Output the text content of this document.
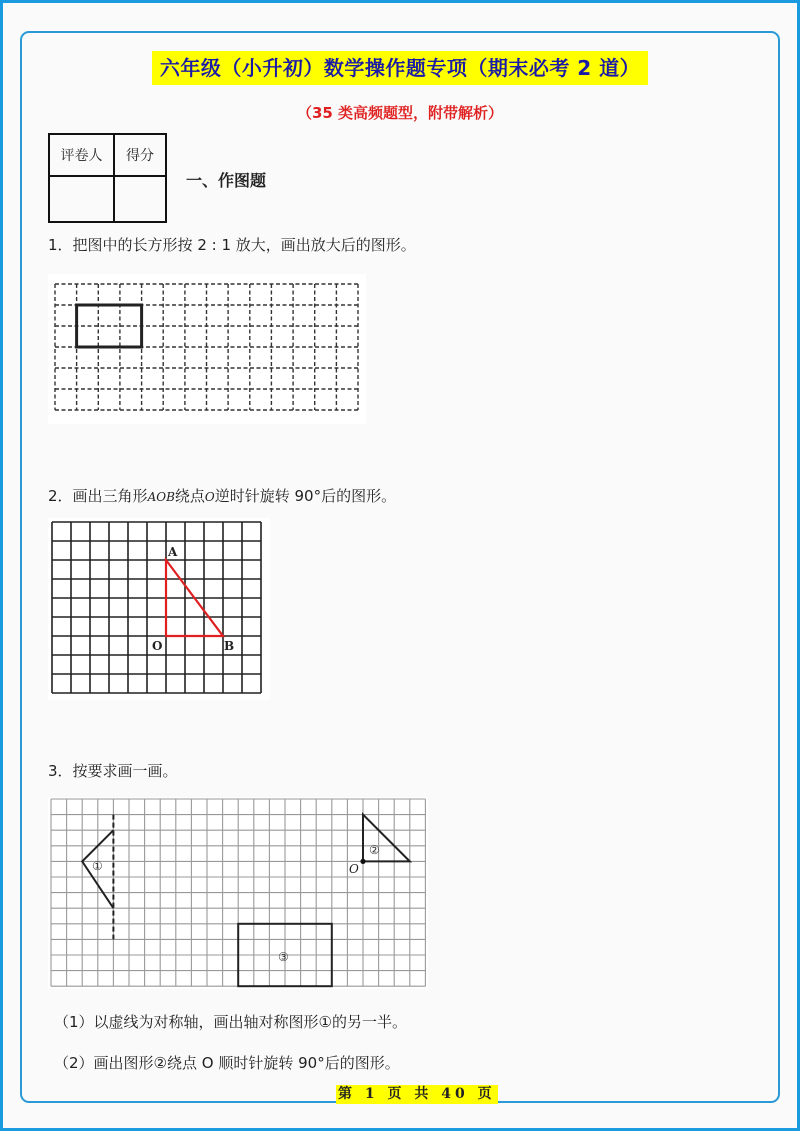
六年级（小升初）数学操作题专项（期末必考 2 道）
（35 类高频题型，附带解析）
评卷人	得分

一、作图题
1．把图中的长方形按 2 : 1 放大，画出放大后的图形。
2．画出三角形AOB绕点O逆时针旋转 90°后的图形。
A
O	B
3．按要求画一画。
①
②
O
③
（1）以虚线为对称轴，画出轴对称图形①的另一半。
（2）画出图形②绕点 O 顺时针旋转 90°后的图形。
第 1 页 共 40 页
